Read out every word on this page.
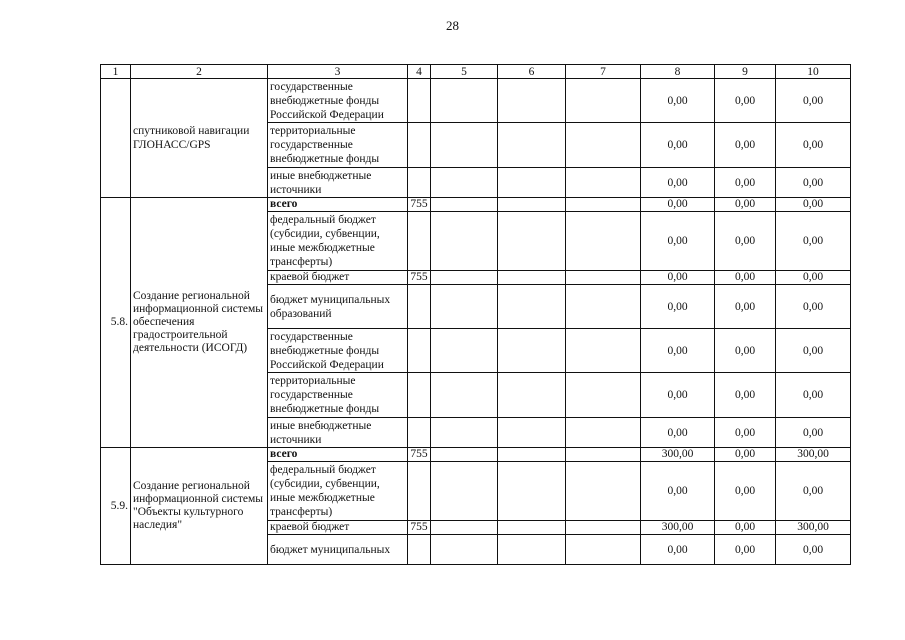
28
1	2	3	4	5	6	7	8	9	10
	спутниковой навигации ГЛОНАСС/GPS	государственные внебюджетные фонды Российской Федерации					0,00	0,00	0,00
		территориальные государственные внебюджетные фонды					0,00	0,00	0,00
		иные внебюджетные источники					0,00	0,00	0,00
5.8.	Создание региональной информационной системы обеспечения градостроительной деятельности (ИСОГД)	всего	755				0,00	0,00	0,00
		федеральный бюджет (субсидии, субвенции, иные межбюджетные трансферты)					0,00	0,00	0,00
		краевой бюджет	755				0,00	0,00	0,00
		бюджет муниципальных образований					0,00	0,00	0,00
		государственные внебюджетные фонды Российской Федерации					0,00	0,00	0,00
		территориальные государственные внебюджетные фонды					0,00	0,00	0,00
		иные внебюджетные источники					0,00	0,00	0,00
5.9.	Создание региональной информационной системы "Объекты культурного наследия"	всего	755				300,00	0,00	300,00
		федеральный бюджет (субсидии, субвенции, иные межбюджетные трансферты)					0,00	0,00	0,00
		краевой бюджет	755				300,00	0,00	300,00
		бюджет муниципальных					0,00	0,00	0,00
